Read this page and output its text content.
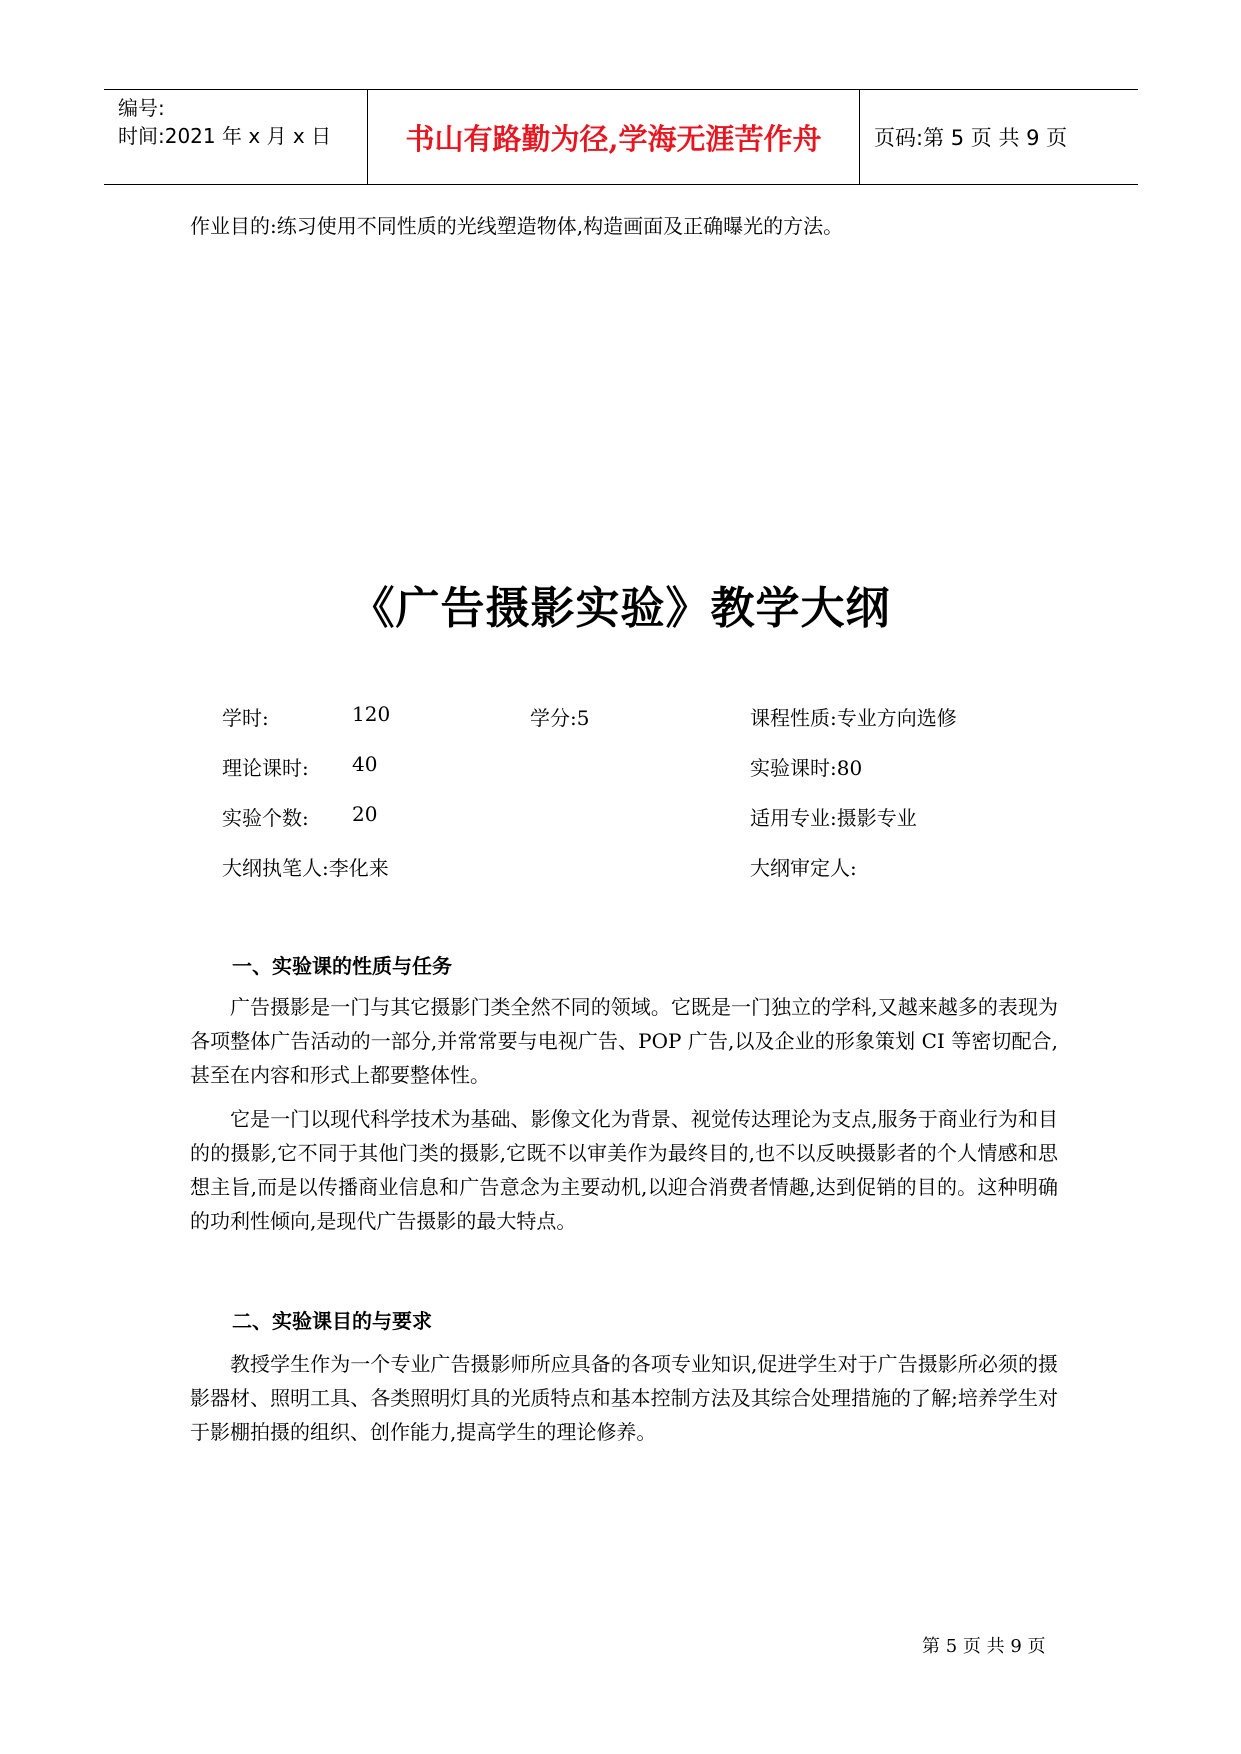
编号:
时间:2021 年 x 月 x 日	书山有路勤为径,学海无涯苦作舟	页码:第 5 页 共 9 页
作业目的:练习使用不同性质的光线塑造物体,构造画面及正确曝光的方法。
《广告摄影实验》教学大纲
学时:	120	学分:5	课程性质:专业方向选修
理论课时: 40	实验课时:80
实验个数: 20	适用专业:摄影专业
大纲执笔人:李化来	大纲审定人:
一、实验课的性质与任务

广告摄影是一门与其它摄影门类全然不同的领域。它既是一门独立的学科,又越来越多的表现为各项整体广告活动的一部分,并常常要与电视广告、POP 广告,以及企业的形象策划 CI 等密切配合,甚至在内容和形式上都要整体性。

它是一门以现代科学技术为基础、影像文化为背景、视觉传达理论为支点,服务于商业行为和目的的摄影,它不同于其他门类的摄影,它既不以审美作为最终目的,也不以反映摄影者的个人情感和思想主旨,而是以传播商业信息和广告意念为主要动机,以迎合消费者情趣,达到促销的目的。这种明确的功利性倾向,是现代广告摄影的最大特点。

二、实验课目的与要求

教授学生作为一个专业广告摄影师所应具备的各项专业知识,促进学生对于广告摄影所必须的摄影器材、照明工具、各类照明灯具的光质特点和基本控制方法及其综合处理措施的了解;培养学生对于影棚拍摄的组织、创作能力,提高学生的理论修养。

第 5 页 共 9 页
